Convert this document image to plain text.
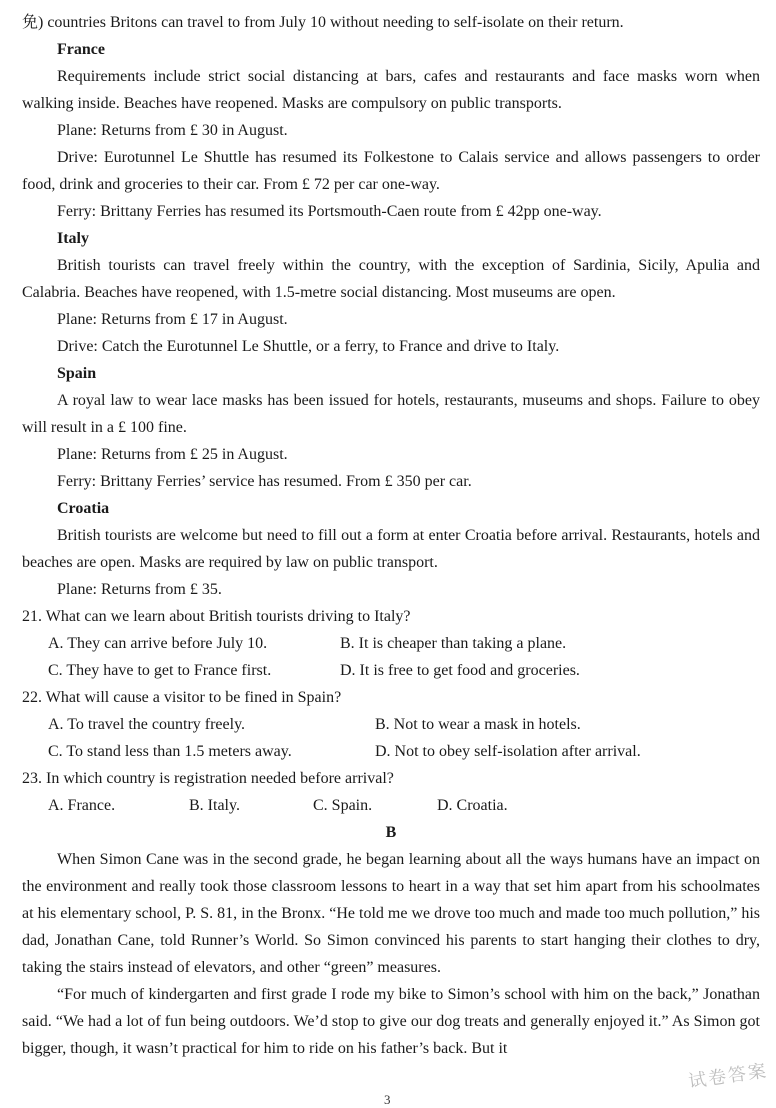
免) countries Britons can travel to from July 10 without needing to self-isolate on their return.
France
Requirements include strict social distancing at bars, cafes and restaurants and face masks worn when walking inside. Beaches have reopened. Masks are compulsory on public transports.
Plane: Returns from £ 30 in August.
Drive: Eurotunnel Le Shuttle has resumed its Folkestone to Calais service and allows passengers to order food, drink and groceries to their car. From £ 72 per car one-way.
Ferry: Brittany Ferries has resumed its Portsmouth-Caen route from £ 42pp one-way.
Italy
British tourists can travel freely within the country, with the exception of Sardinia, Sicily, Apulia and Calabria. Beaches have reopened, with 1.5-metre social distancing. Most museums are open.
Plane: Returns from £ 17 in August.
Drive: Catch the Eurotunnel Le Shuttle, or a ferry, to France and drive to Italy.
Spain
A royal law to wear lace masks has been issued for hotels, restaurants, museums and shops. Failure to obey will result in a £ 100 fine.
Plane: Returns from £ 25 in August.
Ferry: Brittany Ferries’ service has resumed. From £ 350 per car.
Croatia
British tourists are welcome but need to fill out a form at enter Croatia before arrival. Restaurants, hotels and beaches are open. Masks are required by law on public transport.
Plane: Returns from £ 35.
21. What can we learn about British tourists driving to Italy?
A. They can arrive before July 10.	B. It is cheaper than taking a plane.
C. They have to get to France first.	D. It is free to get food and groceries.
22. What will cause a visitor to be fined in Spain?
A. To travel the country freely.	B. Not to wear a mask in hotels.
C. To stand less than 1.5 meters away.	D. Not to obey self-isolation after arrival.
23. In which country is registration needed before arrival?
A. France.	B. Italy.	C. Spain.	D. Croatia.
B
When Simon Cane was in the second grade, he began learning about all the ways humans have an impact on the environment and really took those classroom lessons to heart in a way that set him apart from his schoolmates at his elementary school, P. S. 81, in the Bronx. “He told me we drove too much and made too much pollution,” his dad, Jonathan Cane, told Runner’s World. So Simon convinced his parents to start hanging their clothes to dry, taking the stairs instead of elevators, and other “green” measures.
“For much of kindergarten and first grade I rode my bike to Simon’s school with him on the back,” Jonathan said. “We had a lot of fun being outdoors. We’d stop to give our dog treats and generally enjoyed it.” As Simon got bigger, though, it wasn’t practical for him to ride on his father’s back. But it
试卷答案
3
